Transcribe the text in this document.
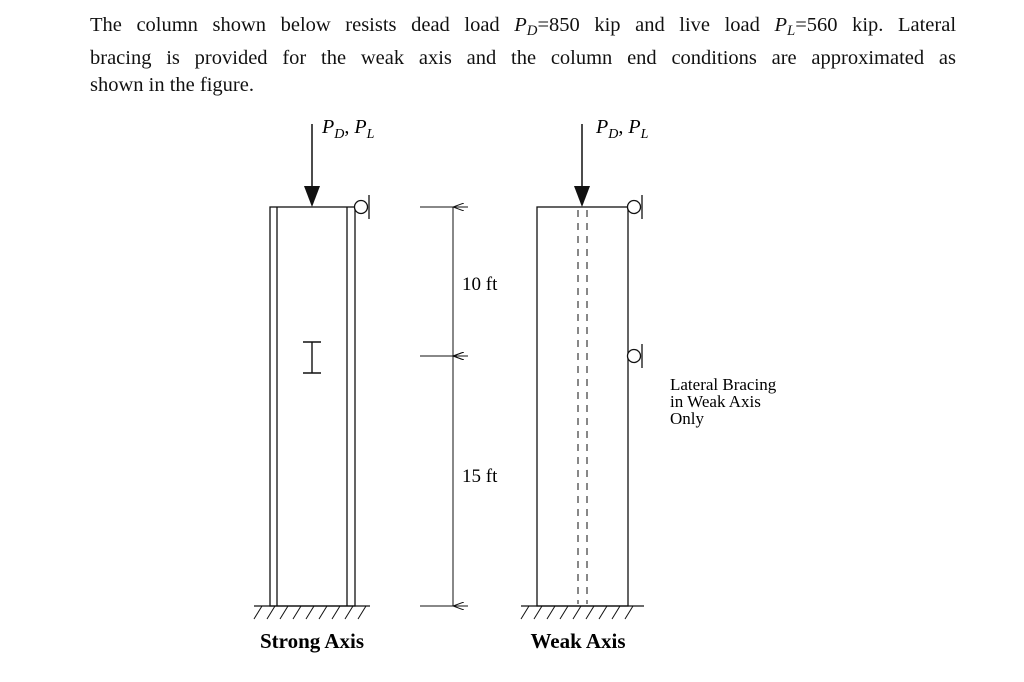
The column shown below resists dead load $P_D=850$ kip and live load $P_L=560$ kip. Lateral
bracing is provided for the weak axis and the column end conditions are approximated as
shown in the figure.

$P_D$, $P_L$
Strong Axis
10 ft
15 ft
$P_D$, $P_L$
Lateral Bracing in Weak Axis Only
Weak Axis
